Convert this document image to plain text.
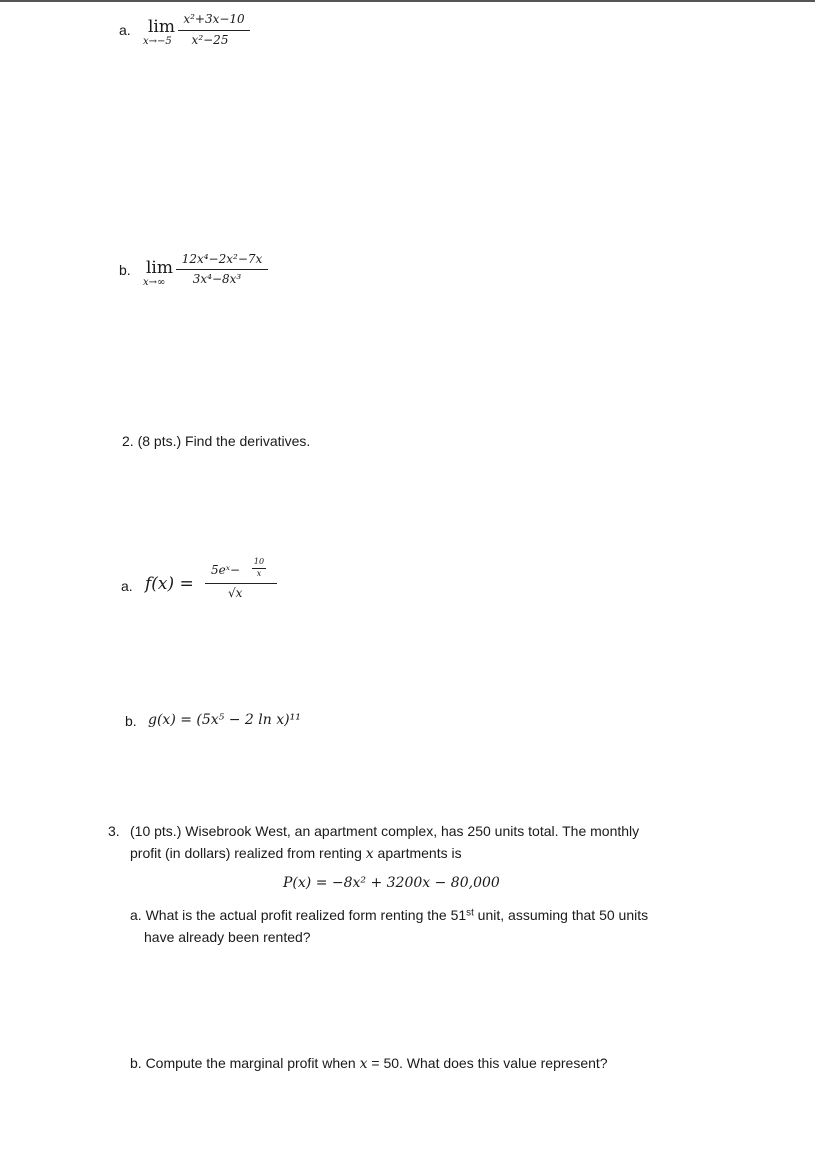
a. lim
x→−5
x²+3x−10
x²−25
b. lim
x→∞
12x⁴−2x²−7x
3x⁴−8x³
2. (8 pts.) Find the derivatives.
a. f(x) =
5eˣ−
10
x
√x
b. g(x) = (5x⁵ − 2 ln x)¹¹
3. (10 pts.) Wisebrook West, an apartment complex, has 250 units total. The monthly
profit (in dollars) realized from renting x apartments is
P(x) = −8x² + 3200x − 80,000
a. What is the actual profit realized form renting the 51st unit, assuming that 50 units
have already been rented?
b. Compute the marginal profit when x = 50. What does this value represent?
